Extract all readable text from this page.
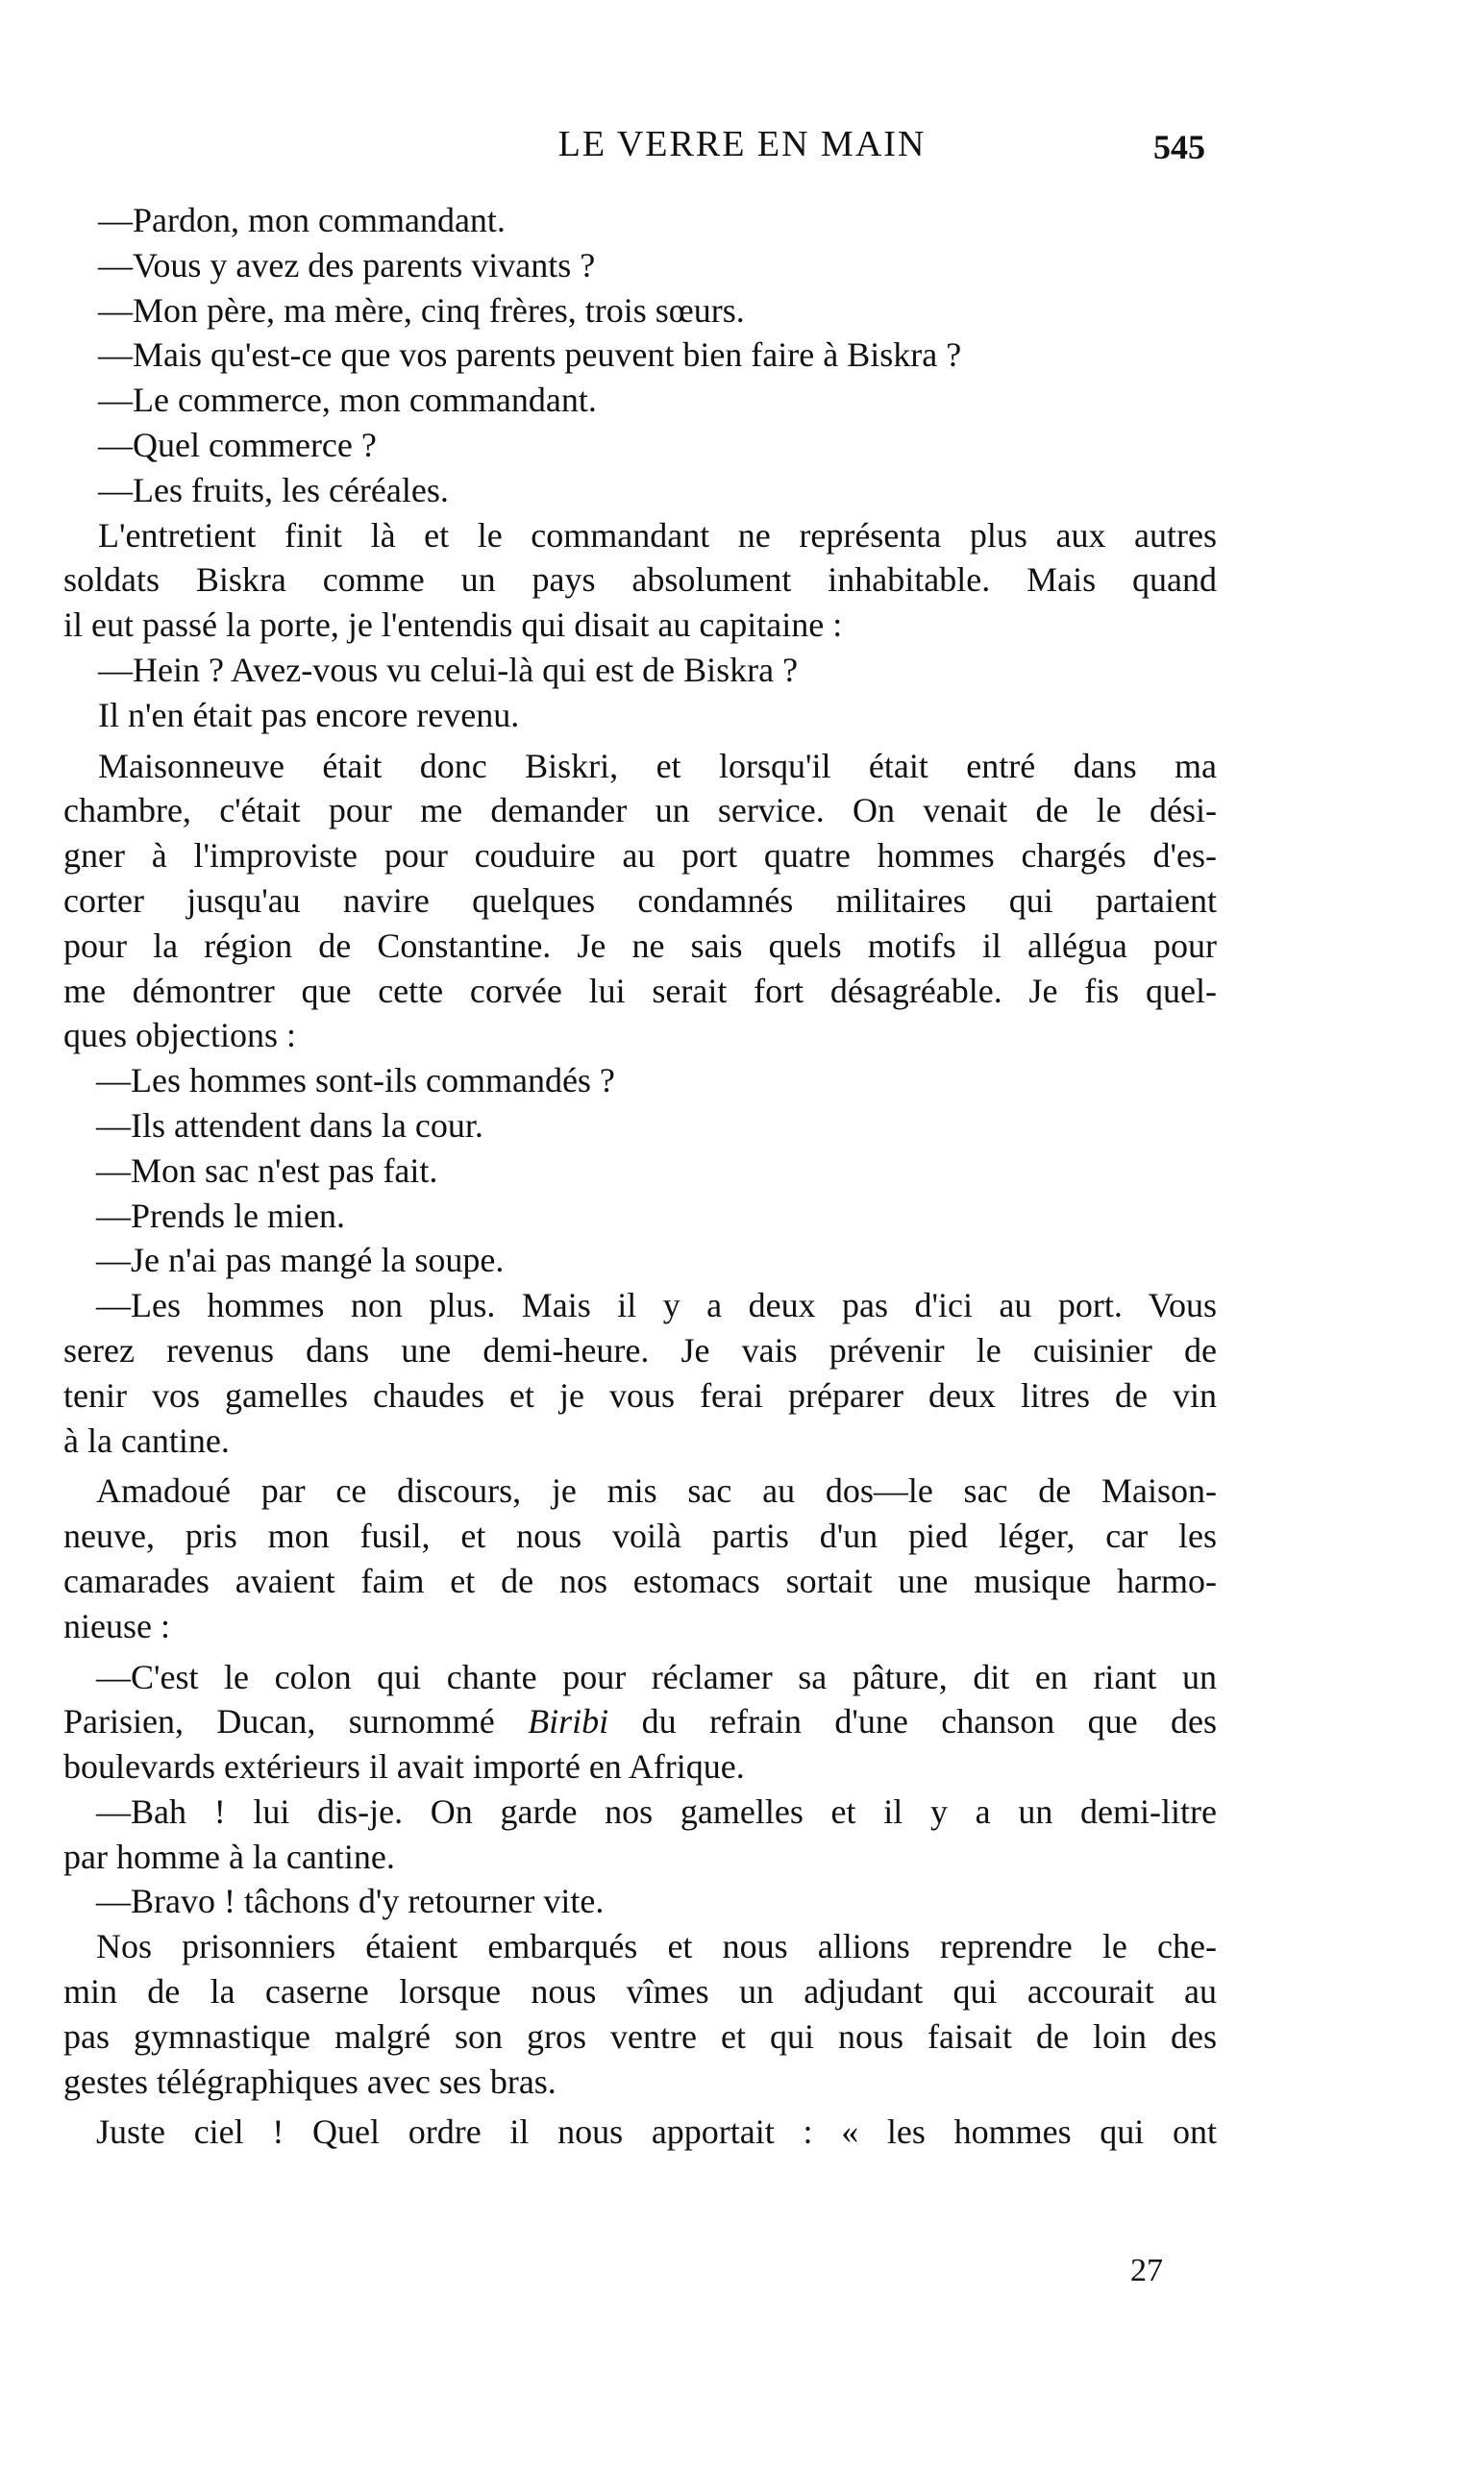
LE VERRE EN MAIN	545
—Pardon, mon commandant.
—Vous y avez des parents vivants ?
—Mon père, ma mère, cinq frères, trois sœurs.
—Mais qu'est-ce que vos parents peuvent bien faire à Biskra ?
—Le commerce, mon commandant.
—Quel commerce ?
—Les fruits, les céréales.
L'entretient finit là et le commandant ne représenta plus aux autres
soldats Biskra comme un pays absolument inhabitable. Mais quand
il eut passé la porte, je l'entendis qui disait au capitaine :
—Hein ? Avez-vous vu celui-là qui est de Biskra ?
Il n'en était pas encore revenu.
Maisonneuve était donc Biskri, et lorsqu'il était entré dans ma
chambre, c'était pour me demander un service. On venait de le dési-
gner à l'improviste pour couduire au port quatre hommes chargés d'es-
corter jusqu'au navire quelques condamnés militaires qui partaient
pour la région de Constantine. Je ne sais quels motifs il allégua pour
me démontrer que cette corvée lui serait fort désagréable. Je fis quel-
ques objections :
—Les hommes sont-ils commandés ?
—Ils attendent dans la cour.
—Mon sac n'est pas fait.
—Prends le mien.
—Je n'ai pas mangé la soupe.
—Les hommes non plus. Mais il y a deux pas d'ici au port. Vous
serez revenus dans une demi-heure. Je vais prévenir le cuisinier de
tenir vos gamelles chaudes et je vous ferai préparer deux litres de vin
à la cantine.
Amadoué par ce discours, je mis sac au dos—le sac de Maison-
neuve, pris mon fusil, et nous voilà partis d'un pied léger, car les
camarades avaient faim et de nos estomacs sortait une musique harmo-
nieuse :
—C'est le colon qui chante pour réclamer sa pâture, dit en riant un
Parisien, Ducan, surnommé Biribi du refrain d'une chanson que des
boulevards extérieurs il avait importé en Afrique.
—Bah ! lui dis-je. On garde nos gamelles et il y a un demi-litre
par homme à la cantine.
—Bravo ! tâchons d'y retourner vite.
Nos prisonniers étaient embarqués et nous allions reprendre le che-
min de la caserne lorsque nous vîmes un adjudant qui accourait au
pas gymnastique malgré son gros ventre et qui nous faisait de loin des
gestes télégraphiques avec ses bras.
Juste ciel ! Quel ordre il nous apportait : « les hommes qui ont
27
